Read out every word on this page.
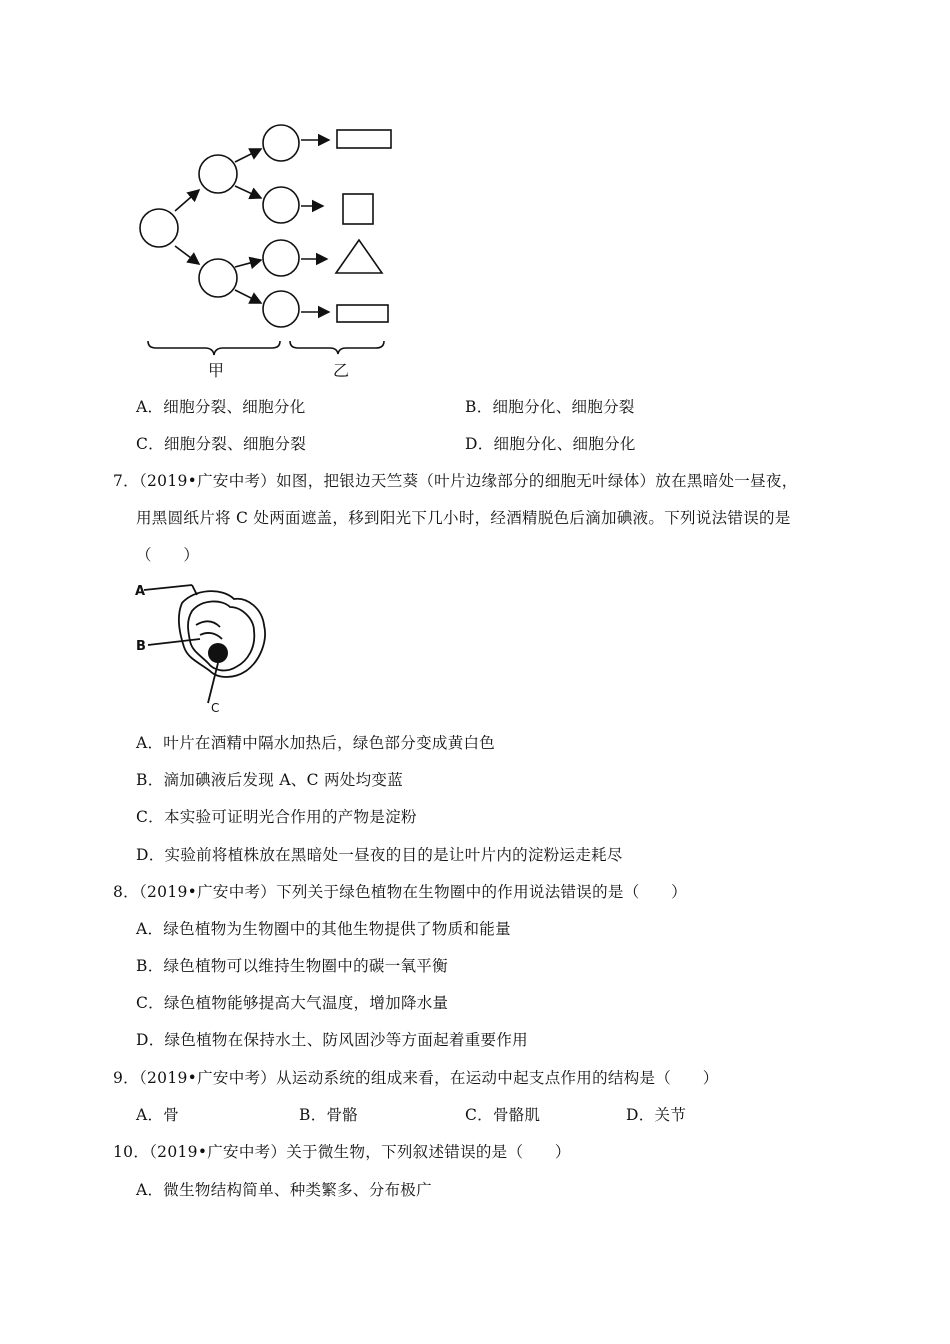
甲	乙
A．细胞分裂、细胞分化	B．细胞分化、细胞分裂
C．细胞分裂、细胞分裂	D．细胞分化、细胞分化
7．（2019•广安中考）如图，把银边天竺葵（叶片边缘部分的细胞无叶绿体）放在黑暗处一昼夜，
用黑圆纸片将 C 处两面遮盖，移到阳光下几小时，经酒精脱色后滴加碘液。下列说法错误的是
（　　）
A
B
C
A．叶片在酒精中隔水加热后，绿色部分变成黄白色
B．滴加碘液后发现 A、C 两处均变蓝
C．本实验可证明光合作用的产物是淀粉
D．实验前将植株放在黑暗处一昼夜的目的是让叶片内的淀粉运走耗尽
8．（2019•广安中考）下列关于绿色植物在生物圈中的作用说法错误的是（　　）
A．绿色植物为生物圈中的其他生物提供了物质和能量
B．绿色植物可以维持生物圈中的碳一氧平衡
C．绿色植物能够提高大气温度，增加降水量
D．绿色植物在保持水土、防风固沙等方面起着重要作用
9．（2019•广安中考）从运动系统的组成来看，在运动中起支点作用的结构是（　　）
A．骨	B．骨骼	C．骨骼肌	D．关节
10．（2019•广安中考）关于微生物，下列叙述错误的是（　　）
A．微生物结构简单、种类繁多、分布极广
